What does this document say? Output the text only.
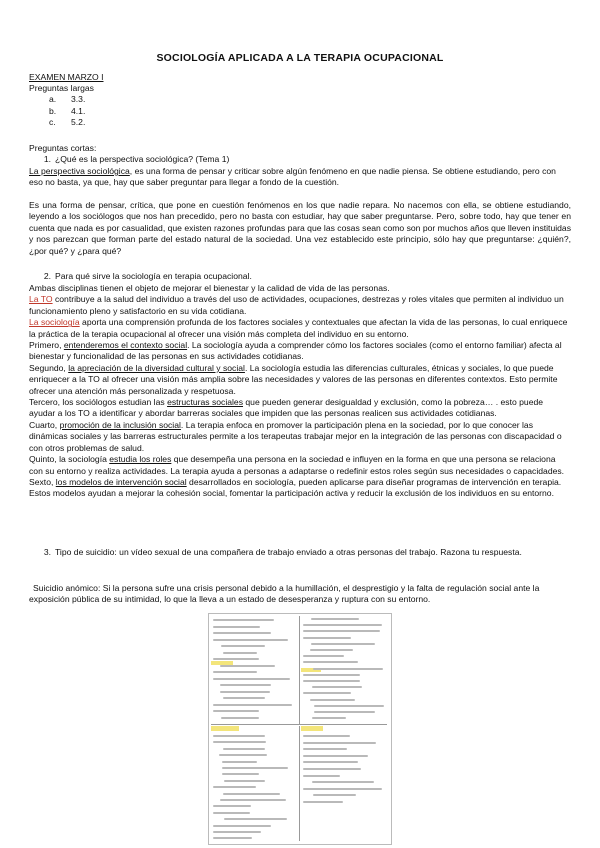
SOCIOLOGÍA APLICADA A LA TERAPIA OCUPACIONAL
EXAMEN MARZO I

Preguntas largas

a. 3.3.
b. 4.1.
c. 5.2.
Preguntas cortas:
1. ¿Qué es la perspectiva sociológica? (Tema 1)
La perspectiva sociológica, es una forma de pensar y criticar sobre algún fenómeno en que nadie piensa. Se obtiene estudiando, pero con eso no basta, ya que, hay que saber preguntar para llegar a fondo de la cuestión.
Es una forma de pensar, crítica, que pone en cuestión fenómenos en los que nadie repara. No nacemos con ella, se obtiene estudiando, leyendo a los sociólogos que nos han precedido, pero no basta con estudiar, hay que saber preguntarse. Pero, sobre todo, hay que tener en cuenta que nada es por casualidad, que existen razones profundas para que las cosas sean como son por muchos años que lleven instituidas y nos parezcan que forman parte del estado natural de la sociedad. Una vez establecido este principio, sólo hay que preguntarse: ¿quién?, ¿por qué? y ¿para qué?
2. Para qué sirve la sociología en terapia ocupacional.

Ambas disciplinas tienen el objeto de mejorar el bienestar y la calidad de vida de las personas.

La TO contribuye a la salud del individuo a través del uso de actividades, ocupaciones, destrezas y roles vitales que permiten al individuo un funcionamiento pleno y satisfactorio en su vida cotidiana.

La sociología aporta una comprensión profunda de los factores sociales y contextuales que afectan la vida de las personas, lo cual enriquece la práctica de la terapia ocupacional al ofrecer una visión más completa del individuo en su entorno.

Primero, entenderemos el contexto social. La sociología ayuda a comprender cómo los factores sociales (como el entorno familiar) afecta al bienestar y funcionalidad de las personas en sus actividades cotidianas.

Segundo, la apreciación de la diversidad cultural y social. La sociología estudia las diferencias culturales, étnicas y sociales, lo que puede enriquecer a la TO al ofrecer una visión más amplia sobre las necesidades y valores de las personas en diferentes contextos. Esto permite ofrecer una atención más personalizada y respetuosa.

Tercero, los sociólogos estudian las estructuras sociales que pueden generar desigualdad y exclusión, como la pobreza… . esto puede ayudar a los TO a identificar y abordar barreras sociales que impiden que las personas realicen sus actividades cotidianas.

Cuarto, promoción de la inclusión social. La terapia enfoca en promover la participación plena en la sociedad, por lo que conocer las dinámicas sociales y las barreras estructurales permite a los terapeutas trabajar mejor en la integración de las personas con discapacidad o con otros problemas de salud.

Quinto, la sociología estudia los roles que desempeña una persona en la sociedad e influyen en la forma en que una persona se relaciona con su entorno y realiza actividades. La terapia ayuda a personas a adaptarse o redefinir estos roles según sus necesidades o capacidades.

Sexto, los modelos de intervención social desarrollados en sociología, pueden aplicarse para diseñar programas de intervención en terapia. Estos modelos ayudan a mejorar la cohesión social, fomentar la participación activa y reducir la exclusión de los individuos en su entorno.

3. Tipo de suicidio: un vídeo sexual de una compañera de trabajo enviado a otras personas del trabajo. Razona tu respuesta.
Suicidio anómico: Si la persona sufre una crisis personal debido a la humillación, el desprestigio y la falta de regulación social ante la exposición pública de su intimidad, lo que la lleva a un estado de desesperanza y ruptura con su entorno.
